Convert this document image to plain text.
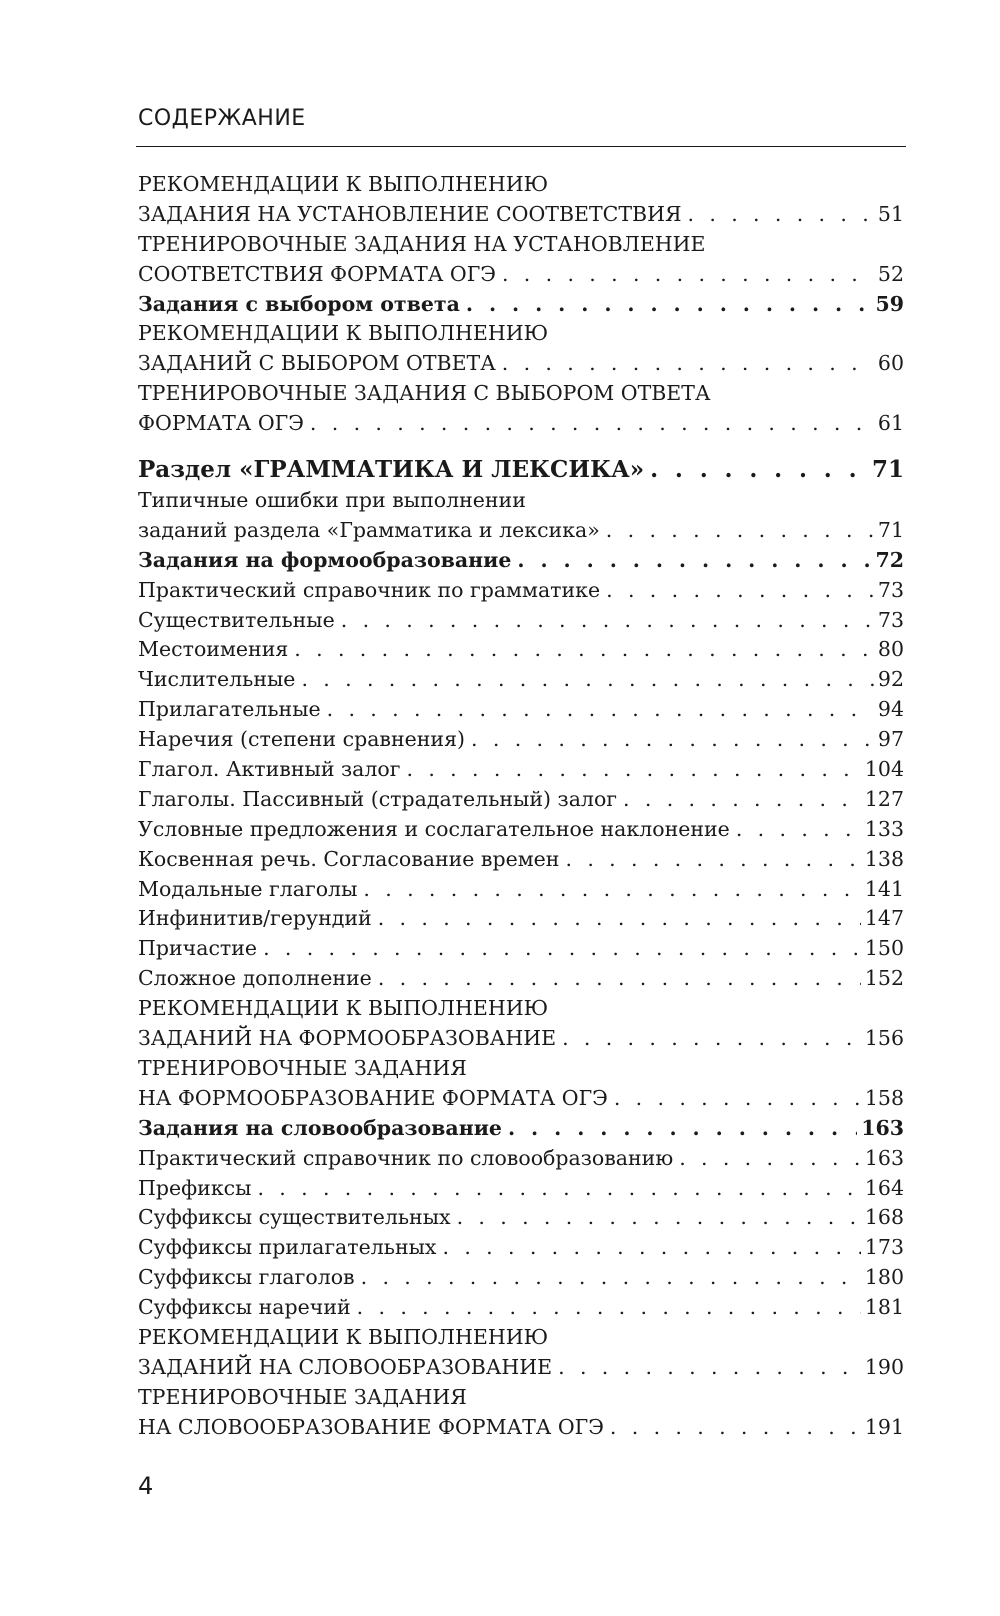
СОДЕРЖАНИЕ
РЕКОМЕНДАЦИИ К ВЫПОЛНЕНИЮ
ЗАДАНИЯ НА УСТАНОВЛЕНИЕ СООТВЕТСТВИЯ . . .	51
ТРЕНИРОВОЧНЫЕ ЗАДАНИЯ НА УСТАНОВЛЕНИЕ
СООТВЕТСТВИЯ ФОРМАТА ОГЭ . . .	52
Задания с выбором ответа . . .	59
РЕКОМЕНДАЦИИ К ВЫПОЛНЕНИЮ
ЗАДАНИЙ С ВЫБОРОМ ОТВЕТА . . .	60
ТРЕНИРОВОЧНЫЕ ЗАДАНИЯ С ВЫБОРОМ ОТВЕТА
ФОРМАТА ОГЭ . . .	61
Раздел «ГРАММАТИКА И ЛЕКСИКА» . . .	71
Типичные ошибки при выполнении
заданий раздела «Грамматика и лексика» . . .	71
Задания на формообразование . . .	72
Практический справочник по грамматике . . .	73
Существительные . . .	73
Местоимения . . .	80
Числительные . . .	92
Прилагательные . . .	94
Наречия (степени сравнения) . . .	97
Глагол. Активный залог . . .	104
Глаголы. Пассивный (страдательный) залог . . .	127
Условные предложения и сослагательное наклонение . . .	133
Косвенная речь. Согласование времен . . .	138
Модальные глаголы . . .	141
Инфинитив/герундий . . .	147
Причастие . . .	150
Сложное дополнение . . .	152
РЕКОМЕНДАЦИИ К ВЫПОЛНЕНИЮ
ЗАДАНИЙ НА ФОРМООБРАЗОВАНИЕ . . .	156
ТРЕНИРОВОЧНЫЕ ЗАДАНИЯ
НА ФОРМООБРАЗОВАНИЕ ФОРМАТА ОГЭ . . .	158
Задания на словообразование . . .	163
Практический справочник по словообразованию . . .	163
Префиксы . . .	164
Суффиксы существительных . . .	168
Суффиксы прилагательных . . .	173
Суффиксы глаголов . . .	180
Суффиксы наречий . . .	181
РЕКОМЕНДАЦИИ К ВЫПОЛНЕНИЮ
ЗАДАНИЙ НА СЛОВООБРАЗОВАНИЕ . . .	190
ТРЕНИРОВОЧНЫЕ ЗАДАНИЯ
НА СЛОВООБРАЗОВАНИЕ ФОРМАТА ОГЭ . . .	191
4
